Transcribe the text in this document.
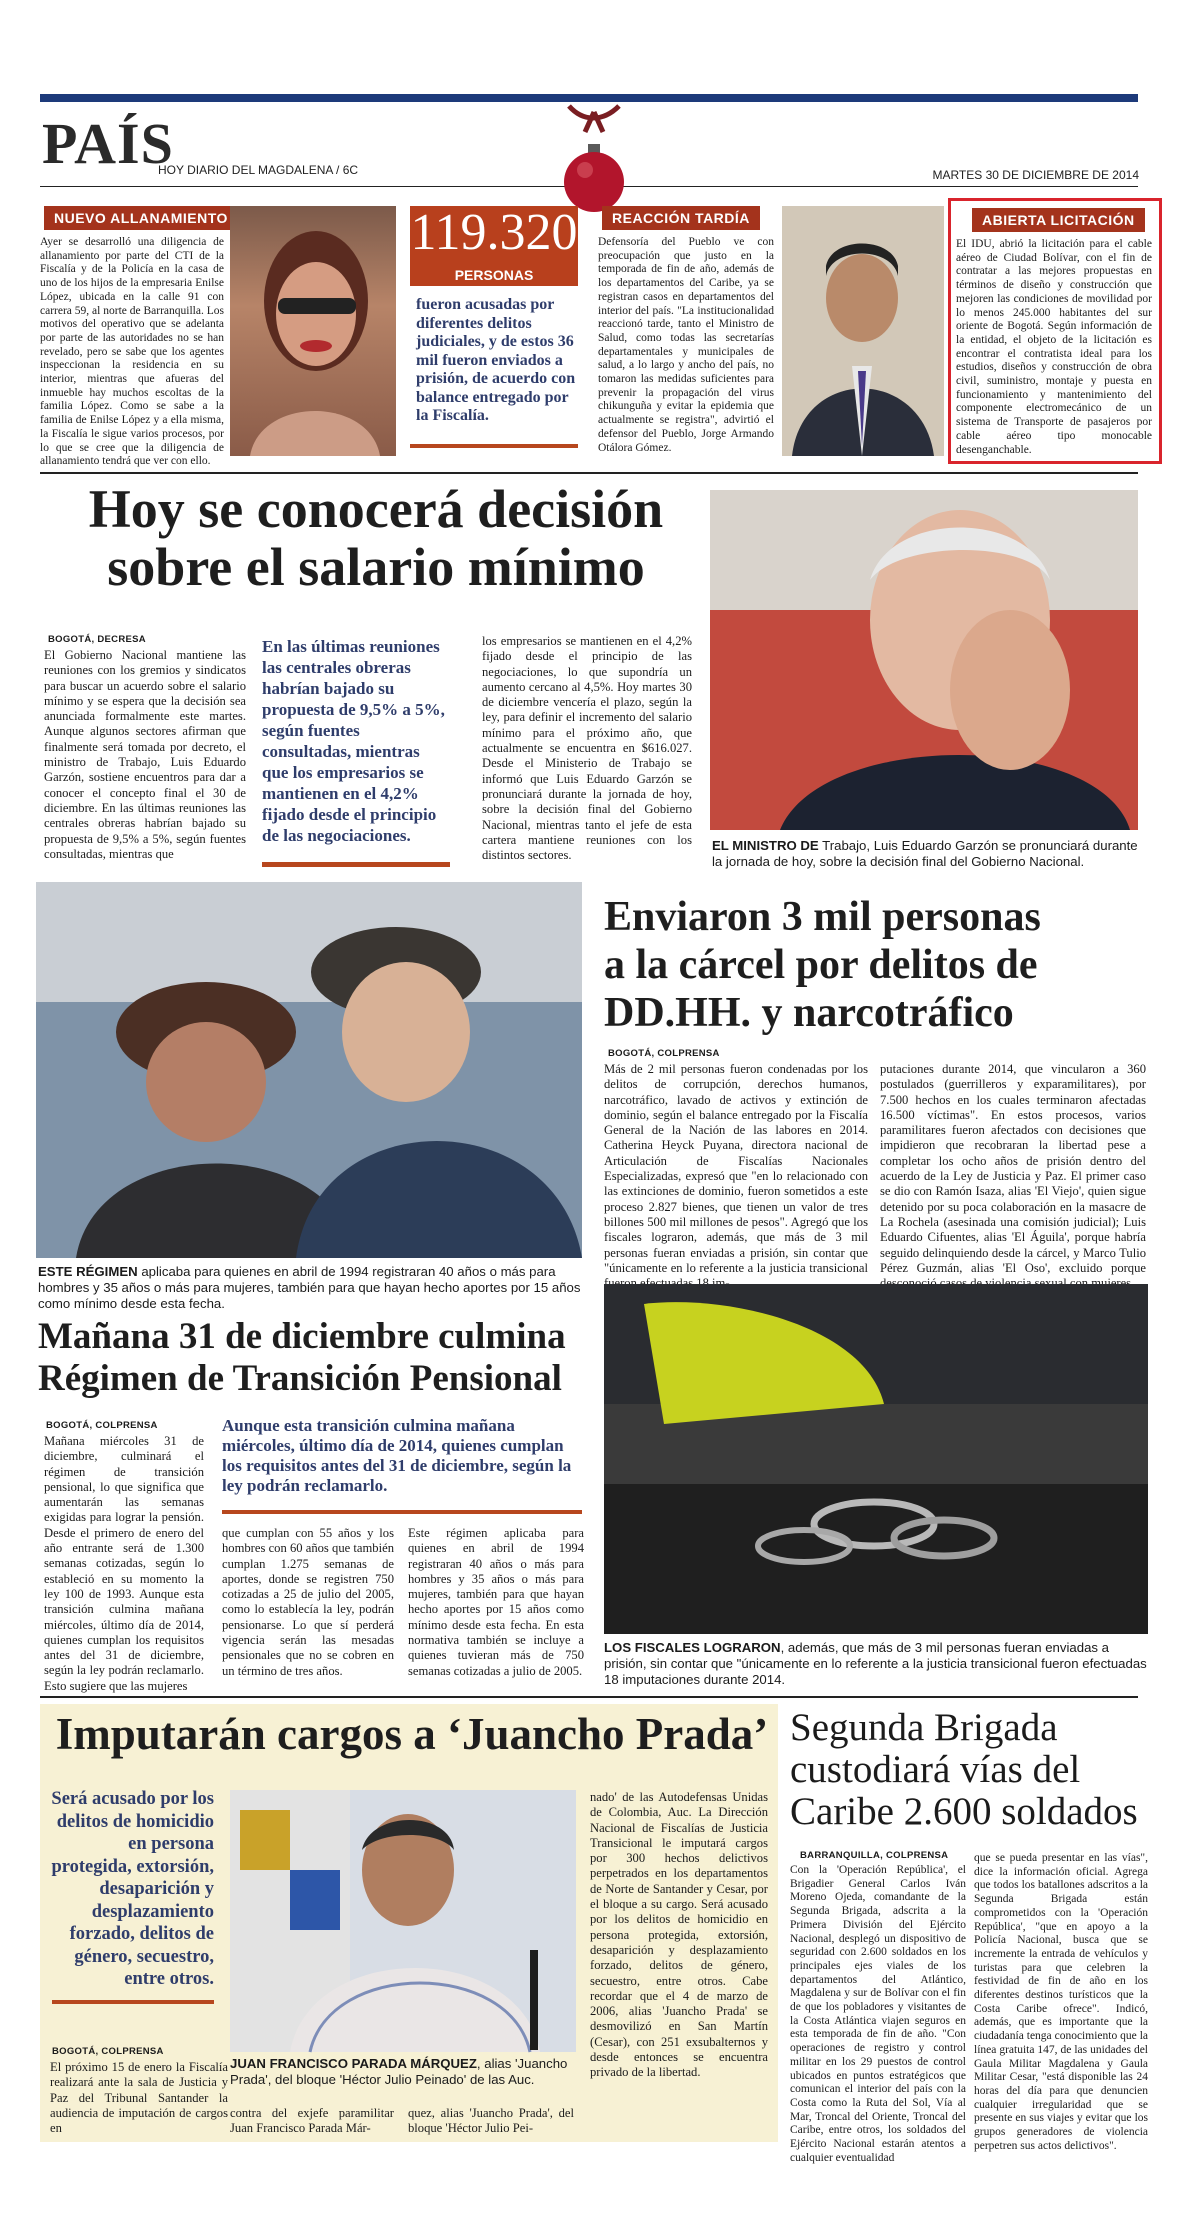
PAÍS
HOY DIARIO DEL MAGDALENA / 6C	MARTES 30 DE DICIEMBRE DE 2014
NUEVO ALLANAMIENTO
Ayer se desarrolló una diligencia de allanamiento por parte del CTI de la Fiscalía y de la Policía en la casa de uno de los hijos de la empresaria Enilse López, ubicada en la calle 91 con carrera 59, al norte de Barranquilla. Los motivos del operativo que se adelanta por parte de las autoridades no se han revelado, pero se sabe que los agentes inspeccionan la residencia en su interior, mientras que afueras del inmueble hay muchos escoltas de la familia López. Como se sabe a la familia de Enilse López y a ella misma, la Fiscalía le sigue varios procesos, por lo que se cree que la diligencia de allanamiento tendrá que ver con ello.
119.320
PERSONAS
fueron acusadas por diferentes delitos judiciales, y de estos 36 mil fueron enviados a prisión, de acuerdo con balance entregado por la Fiscalía.
REACCIÓN TARDÍA
Defensoría del Pueblo ve con preocupación que justo en la temporada de fin de año, además de los departamentos del Caribe, ya se registran casos en departamentos del interior del país. "La institucionalidad reaccionó tarde, tanto el Ministro de Salud, como todas las secretarías departamentales y municipales de salud, a lo largo y ancho del país, no tomaron las medidas suficientes para prevenir la propagación del virus chikunguña y evitar la epidemia que actualmente se registra", advirtió el defensor del Pueblo, Jorge Armando Otálora Gómez.
ABIERTA LICITACIÓN
El IDU, abrió la licitación para el cable aéreo de Ciudad Bolívar, con el fin de contratar a las mejores propuestas en términos de diseño y construcción que mejoren las condiciones de movilidad por lo menos 245.000 habitantes del sur oriente de Bogotá. Según información de la entidad, el objeto de la licitación es encontrar el contratista ideal para los estudios, diseños y construcción de obra civil, suministro, montaje y puesta en funcionamiento y mantenimiento del componente electromecánico de un sistema de Transporte de pasajeros por cable aéreo tipo monocable desenganchable.
Hoy se conocerá decisión
sobre el salario mínimo
BOGOTÁ, DECRESA
El Gobierno Nacional mantiene las reuniones con los gremios y sindicatos para buscar un acuerdo sobre el salario mínimo y se espera que la decisión sea anunciada formalmente este martes. Aunque algunos sectores afirman que finalmente será tomada por decreto, el ministro de Trabajo, Luis Eduardo Garzón, sostiene encuentros para dar a conocer el concepto final el 30 de diciembre. En las últimas reuniones las centrales obreras habrían bajado su propuesta de 9,5% a 5%, según fuentes consultadas, mientras que
En las últimas reuniones las centrales obreras habrían bajado su propuesta de 9,5% a 5%, según fuentes consultadas, mientras que los empresarios se mantienen en el 4,2% fijado desde el principio de las negociaciones.
los empresarios se mantienen en el 4,2% fijado desde el principio de las negociaciones, lo que supondría un aumento cercano al 4,5%. Hoy martes 30 de diciembre vencería el plazo, según la ley, para definir el incremento del salario mínimo para el próximo año, que actualmente se encuentra en $616.027. Desde el Ministerio de Trabajo se informó que Luis Eduardo Garzón se pronunciará durante la jornada de hoy, sobre la decisión final del Gobierno Nacional, mientras tanto el jefe de esta cartera mantiene reuniones con los distintos sectores.
EL MINISTRO DE Trabajo, Luis Eduardo Garzón se pronunciará durante la jornada de hoy, sobre la decisión final del Gobierno Nacional.
ESTE RÉGIMEN aplicaba para quienes en abril de 1994 registraran 40 años o más para hombres y 35 años o más para mujeres, también para que hayan hecho aportes por 15 años como mínimo desde esta fecha.
Mañana 31 de diciembre culmina
Régimen de Transición Pensional
BOGOTÁ, COLPRENSA
Mañana miércoles 31 de diciembre, culminará el régimen de transición pensional, lo que significa que aumentarán las semanas exigidas para lograr la pensión. Desde el primero de enero del año entrante será de 1.300 semanas cotizadas, según lo estableció en su momento la ley 100 de 1993. Aunque esta transición culmina mañana miércoles, último día de 2014, quienes cumplan los requisitos antes del 31 de diciembre, según la ley podrán reclamarlo. Esto sugiere que las mujeres
Aunque esta transición culmina mañana miércoles, último día de 2014, quienes cumplan los requisitos antes del 31 de diciembre, según la ley podrán reclamarlo.
que cumplan con 55 años y los hombres con 60 años que también cumplan 1.275 semanas de aportes, donde se registren 750 cotizadas a 25 de julio del 2005, como lo establecía la ley, podrán pensionarse. Lo que sí perderá vigencia serán las mesadas pensionales que no se cobren en un término de tres años.
Este régimen aplicaba para quienes en abril de 1994 registraran 40 años o más para hombres y 35 años o más para mujeres, también para que hayan hecho aportes por 15 años como mínimo desde esta fecha. En esta normativa también se incluye a quienes tuvieran más de 750 semanas cotizadas a julio de 2005.
Enviaron 3 mil personas
a la cárcel por delitos de
DD.HH. y narcotráfico
BOGOTÁ, COLPRENSA
Más de 2 mil personas fueron condenadas por los delitos de corrupción, derechos humanos, narcotráfico, lavado de activos y extinción de dominio, según el balance entregado por la Fiscalía General de la Nación de las labores en 2014. Catherina Heyck Puyana, directora nacional de Articulación de Fiscalías Nacionales Especializadas, expresó que "en lo relacionado con las extinciones de dominio, fueron sometidos a este proceso 2.827 bienes, que tienen un valor de tres billones 500 mil millones de pesos". Agregó que los fiscales lograron, además, que más de 3 mil personas fueran enviadas a prisión, sin contar que "únicamente en lo referente a la justicia transicional
putaciones durante 2014, que vincularon a 360 postulados (guerrilleros y exparamilitares), por 7.500 hechos en los cuales terminaron afectadas 16.500 víctimas". En estos procesos, varios paramilitares fueron afectados con decisiones que impidieron que recobraran la libertad pese a completar los ocho años de prisión dentro del acuerdo de la Ley de Justicia y Paz. El primer caso se dio con Ramón Isaza, alias 'El Viejo', quien sigue detenido por su poca colaboración en la masacre de La Rochela (asesinada una comisión judicial); Luis Eduardo Cifuentes, alias 'El Águila', porque habría seguido delinquiendo desde la cárcel, y Marco Tulio Pérez Guzmán, alias 'El Oso', excluido porque
LOS FISCALES LOGRARON, además, que más de 3 mil personas fueran enviadas a prisión, sin contar que "únicamente en lo referente a la justicia transicional fueron efectuadas 18 imputaciones durante 2014.
Imputarán cargos a ‘Juancho Prada’
Será acusado por los delitos de homicidio en persona protegida, extorsión, desaparición y desplazamiento forzado, delitos de género, secuestro, entre otros.
BOGOTÁ, COLPRENSA
El próximo 15 de enero la Fiscalía realizará ante la sala de Justicia y Paz del Tribunal Santander la audiencia de imputación de cargos en
JUAN FRANCISCO PARADA MÁRQUEZ, alias 'Juancho Prada', del bloque 'Héctor Julio Peinado' de las Auc.
contra del exjefe paramilitar Juan Francisco Parada Már-
quez, alias 'Juancho Prada', del bloque 'Héctor Julio Pei-
nado' de las Autodefensas Unidas de Colombia, Auc. La Dirección Nacional de Fiscalías de Justicia Transicional le imputará cargos por 300 hechos delictivos perpetrados en los departamentos de Norte de Santander y Cesar, por el bloque a su cargo. Será acusado por los delitos de homicidio en persona protegida, extorsión, desaparición y desplazamiento forzado, delitos de género, secuestro, entre otros. Cabe recordar que el 4 de marzo de 2006, alias 'Juancho Prada' se desmovilizó en San Martín (Cesar), con 251 exsubalternos y desde entonces se encuentra privado de la libertad.
Segunda Brigada
custodiará vías del
Caribe 2.600 soldados
BARRANQUILLA, COLPRENSA
Con la 'Operación República', el Brigadier General Carlos Iván Moreno Ojeda, comandante de la Segunda Brigada, adscrita a la Primera División del Ejército Nacional, desplegó un dispositivo de seguridad con 2.600 soldados en los principales ejes viales de los departamentos del Atlántico, Magdalena y sur de Bolívar con el fin de que los pobladores y visitantes de la Costa Atlántica viajen seguros en esta temporada de fin de año. "Con operaciones de registro y control militar en los 29 puestos de control ubicados en puntos estratégicos que comunican el interior del país con la Costa como la Ruta del Sol, Vía al Mar, Troncal del Oriente, Troncal del Caribe, entre otros, los soldados del Ejército Nacional estarán atentos a cualquier eventualidad
que se pueda presentar en las vías", dice la información oficial. Agrega que todos los batallones adscritos a la Segunda Brigada están comprometidos con la 'Operación República', "que en apoyo a la Policía Nacional, busca que se incremente la entrada de vehículos y turistas para que celebren la festividad de fin de año en los diferentes destinos turísticos que la Costa Caribe ofrece". Indicó, además, que es importante que la ciudadanía tenga conocimiento que la línea gratuita 147, de las unidades del Gaula Militar Magdalena y Gaula Militar Cesar, "está disponible las 24 horas del día para que denuncien cualquier irregularidad que se presente en sus viajes y evitar que los grupos generadores de violencia perpetren sus actos delictivos".
